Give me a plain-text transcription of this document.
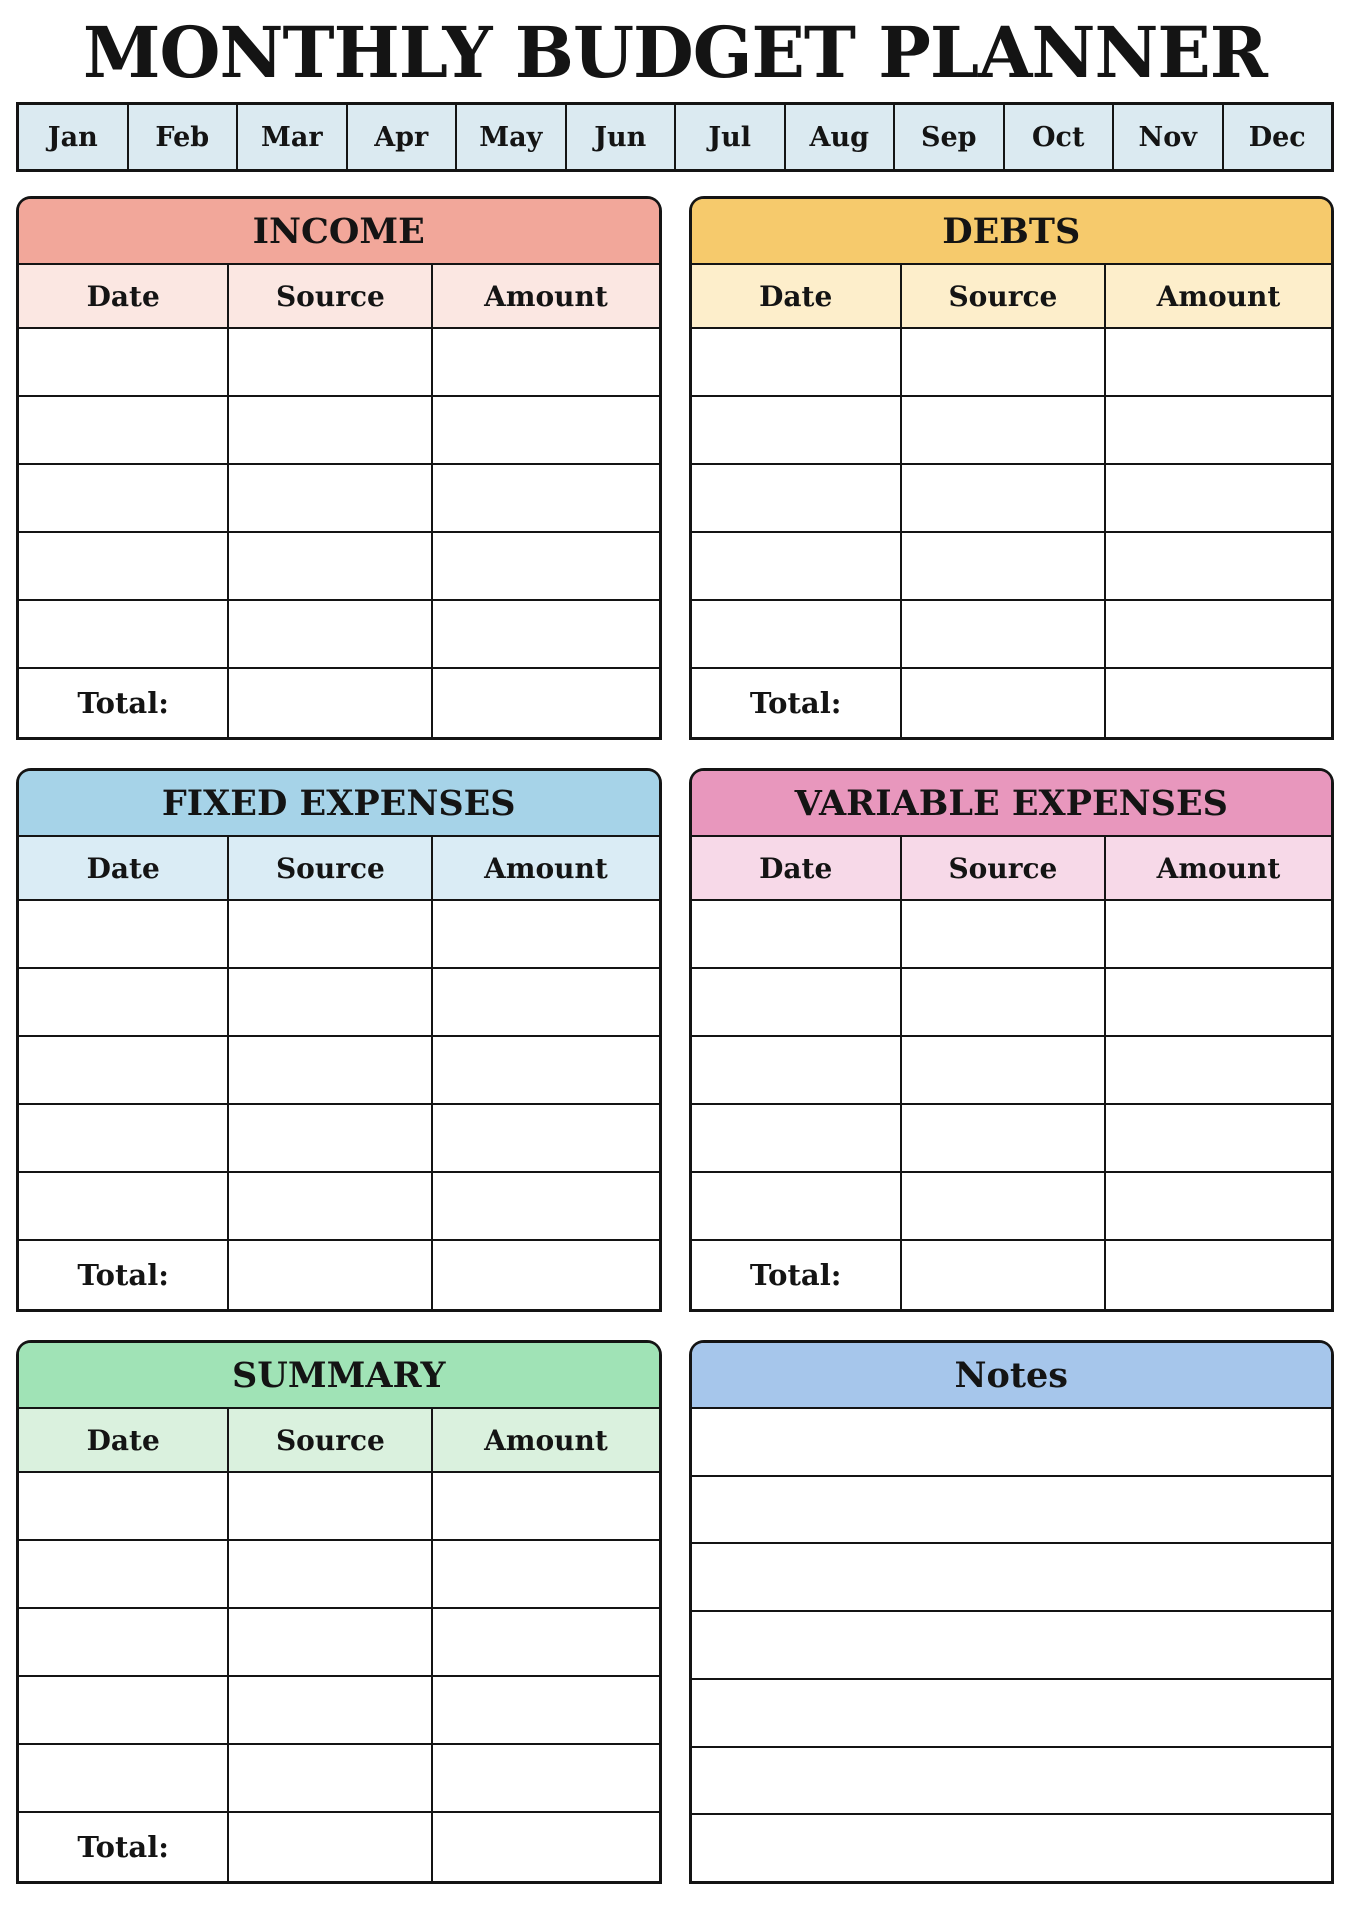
MONTHLY BUDGET PLANNER
Jan	Feb	Mar	Apr	May	Jun	Jul	Aug	Sep	Oct	Nov	Dec
INCOME
Date	Source	Amount
Total:
DEBTS
Date	Source	Amount
Total:
FIXED EXPENSES
Date	Source	Amount
Total:
VARIABLE EXPENSES
Date	Source	Amount
Total:
SUMMARY
Date	Source	Amount
Total:
Notes
